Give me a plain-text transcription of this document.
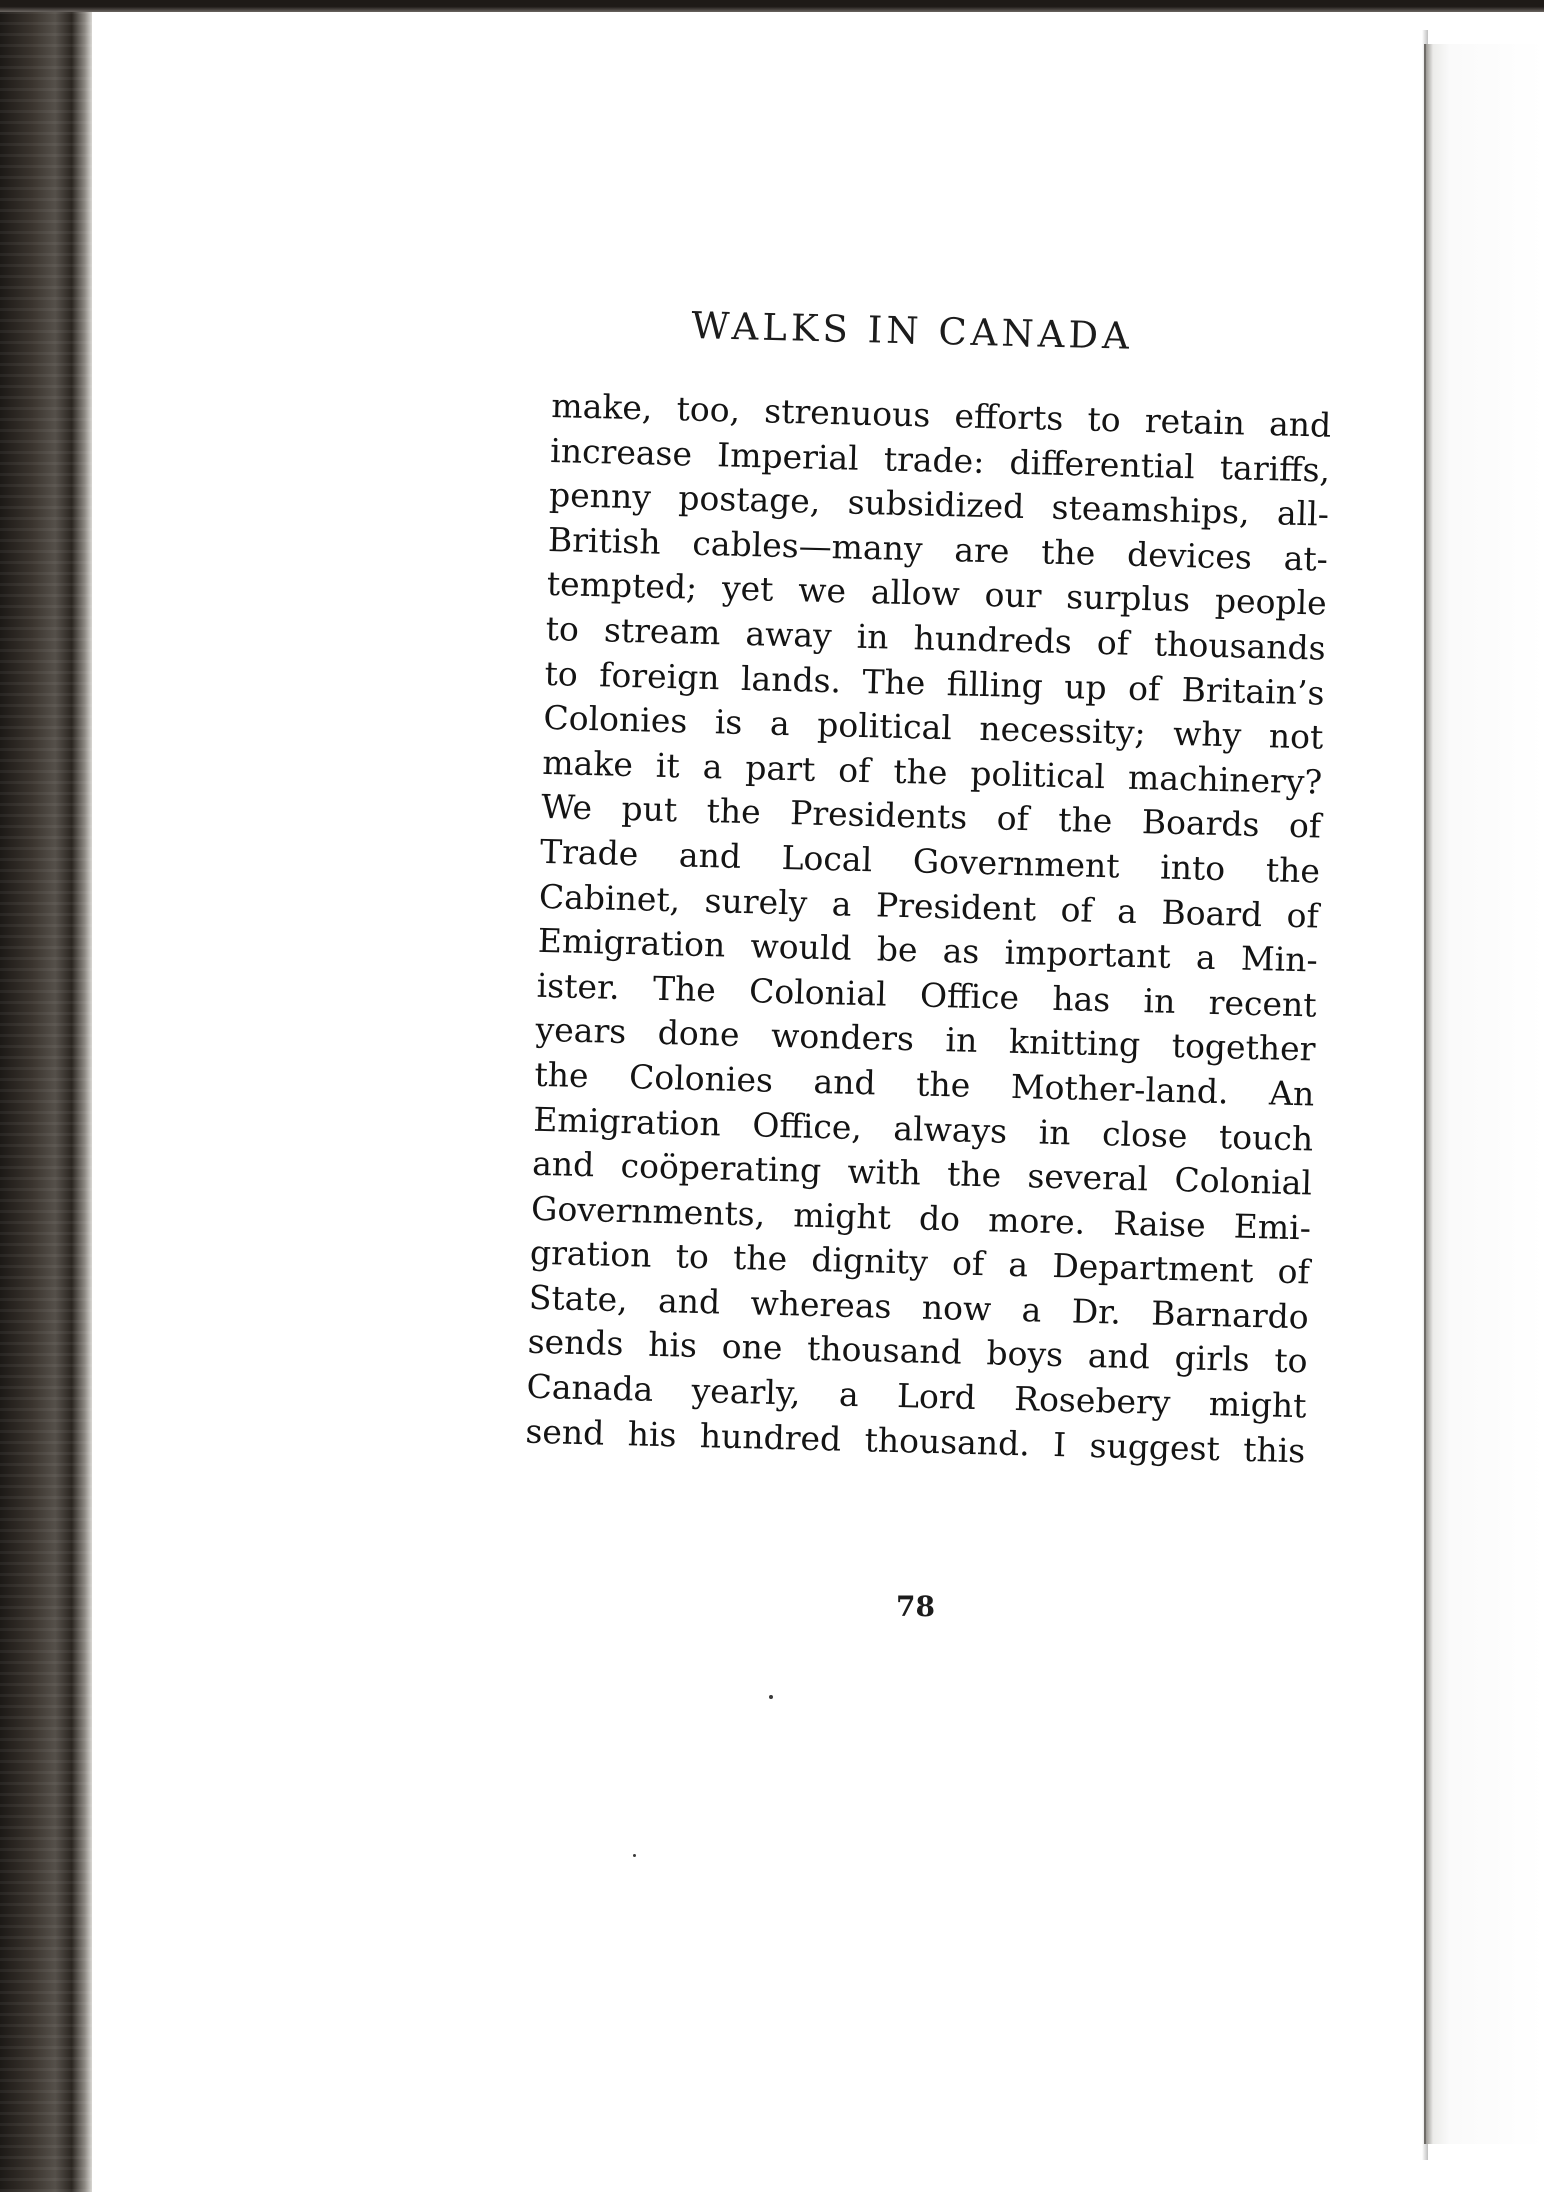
WALKS IN CANADA
make, too, strenuous efforts to retain and
increase Imperial trade: differential tariffs,
penny postage, subsidized steamships, all-
British cables—many are the devices at-
tempted; yet we allow our surplus people
to stream away in hundreds of thousands
to foreign lands. The filling up of Britain’s
Colonies is a political necessity; why not
make it a part of the political machinery?
We put the Presidents of the Boards of
Trade and Local Government into the
Cabinet, surely a President of a Board of
Emigration would be as important a Min-
ister. The Colonial Office has in recent
years done wonders in knitting together
the Colonies and the Mother-land. An
Emigration Office, always in close touch
and coöperating with the several Colonial
Governments, might do more. Raise Emi-
gration to the dignity of a Department of
State, and whereas now a Dr. Barnardo
sends his one thousand boys and girls to
Canada yearly, a Lord Rosebery might
send his hundred thousand. I suggest this
78
